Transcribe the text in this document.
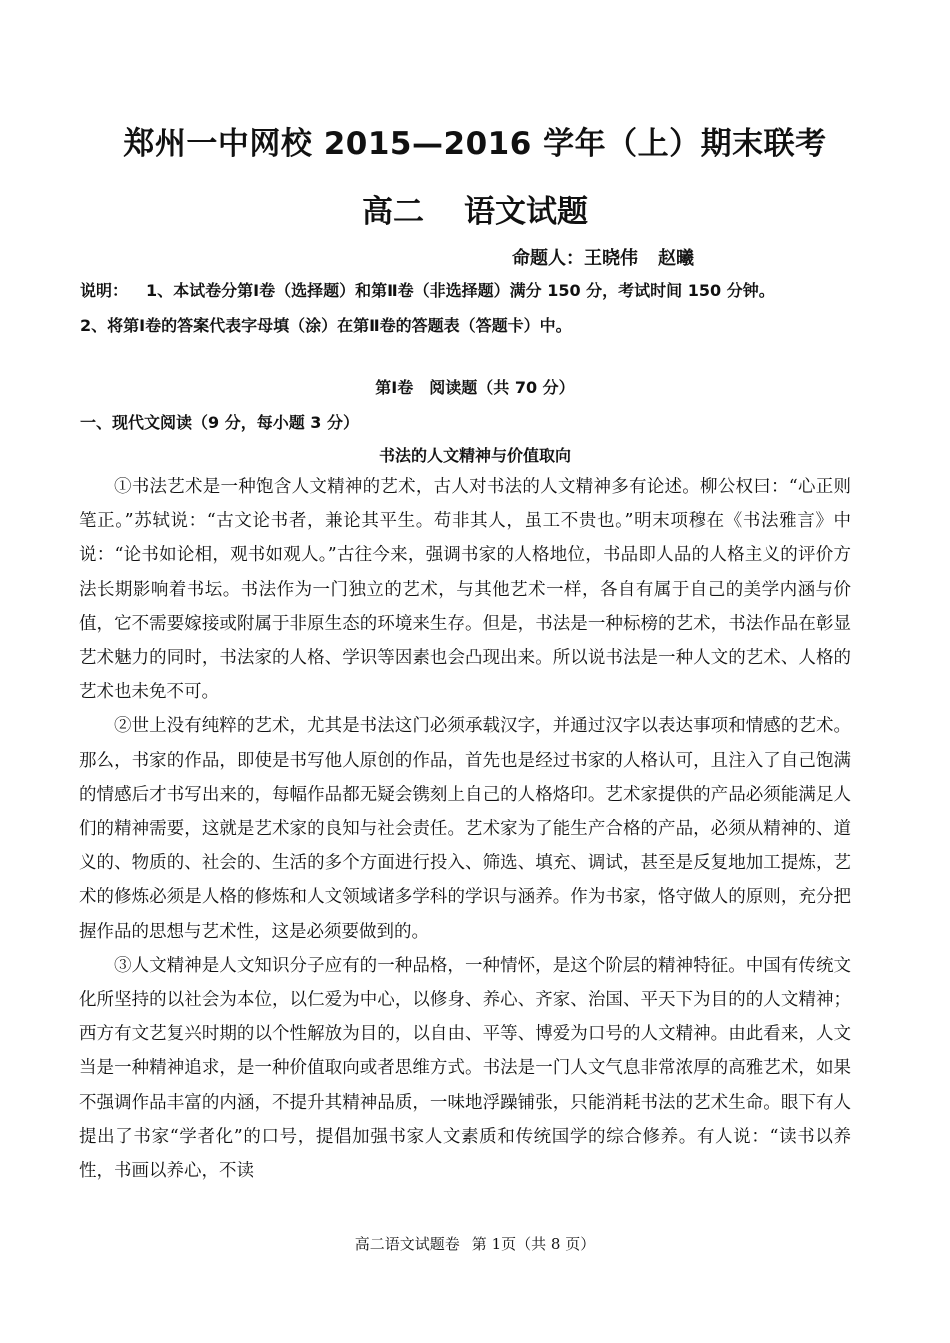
郑州一中网校 2015—2016 学年（上）期末联考
高二 语文试题
命题人：王晓伟 赵曦
说明： 1、本试卷分第Ⅰ卷（选择题）和第Ⅱ卷（非选择题）满分 150 分，考试时间 150 分钟。
2、将第Ⅰ卷的答案代表字母填（涂）在第Ⅱ卷的答题表（答题卡）中。
第Ⅰ卷 阅读题（共 70 分）
一、现代文阅读（9 分，每小题 3 分）
书法的人文精神与价值取向

①书法艺术是一种饱含人文精神的艺术，古人对书法的人文精神多有论述。柳公权曰：“心正则笔正。”苏轼说：“古文论书者，兼论其平生。苟非其人，虽工不贵也。”明末项穆在《书法雅言》中说：“论书如论相，观书如观人。”古往今来，强调书家的人格地位，书品即人品的人格主义的评价方法长期影响着书坛。书法作为一门独立的艺术，与其他艺术一样，各自有属于自己的美学内涵与价值，它不需要嫁接或附属于非原生态的环境来生存。但是，书法是一种标榜的艺术，书法作品在彰显艺术魅力的同时，书法家的人格、学识等因素也会凸现出来。所以说书法是一种人文的艺术、人格的艺术也未免不可。

②世上没有纯粹的艺术，尤其是书法这门必须承载汉字，并通过汉字以表达事项和情感的艺术。那么，书家的作品，即使是书写他人原创的作品，首先也是经过书家的人格认可，且注入了自己饱满的情感后才书写出来的，每幅作品都无疑会镌刻上自己的人格烙印。艺术家提供的产品必须能满足人们的精神需要，这就是艺术家的良知与社会责任。艺术家为了能生产合格的产品，必须从精神的、道义的、物质的、社会的、生活的多个方面进行投入、筛选、填充、调试，甚至是反复地加工提炼，艺术的修炼必须是人格的修炼和人文领域诸多学科的学识与涵养。作为书家，恪守做人的原则，充分把握作品的思想与艺术性，这是必须要做到的。

③人文精神是人文知识分子应有的一种品格，一种情怀，是这个阶层的精神特征。中国有传统文化所坚持的以社会为本位，以仁爱为中心，以修身、养心、齐家、治国、平天下为目的的人文精神；西方有文艺复兴时期的以个性解放为目的，以自由、平等、博爱为口号的人文精神。由此看来，人文当是一种精神追求，是一种价值取向或者思维方式。书法是一门人文气息非常浓厚的高雅艺术，如果不强调作品丰富的内涵，不提升其精神品质，一味地浮躁铺张，只能消耗书法的艺术生命。眼下有人提出了书家“学者化”的口号，提倡加强书家人文素质和传统国学的综合修养。有人说：“读书以养性，书画以养心，不读

高二语文试题卷 第 1页（共 8 页）
